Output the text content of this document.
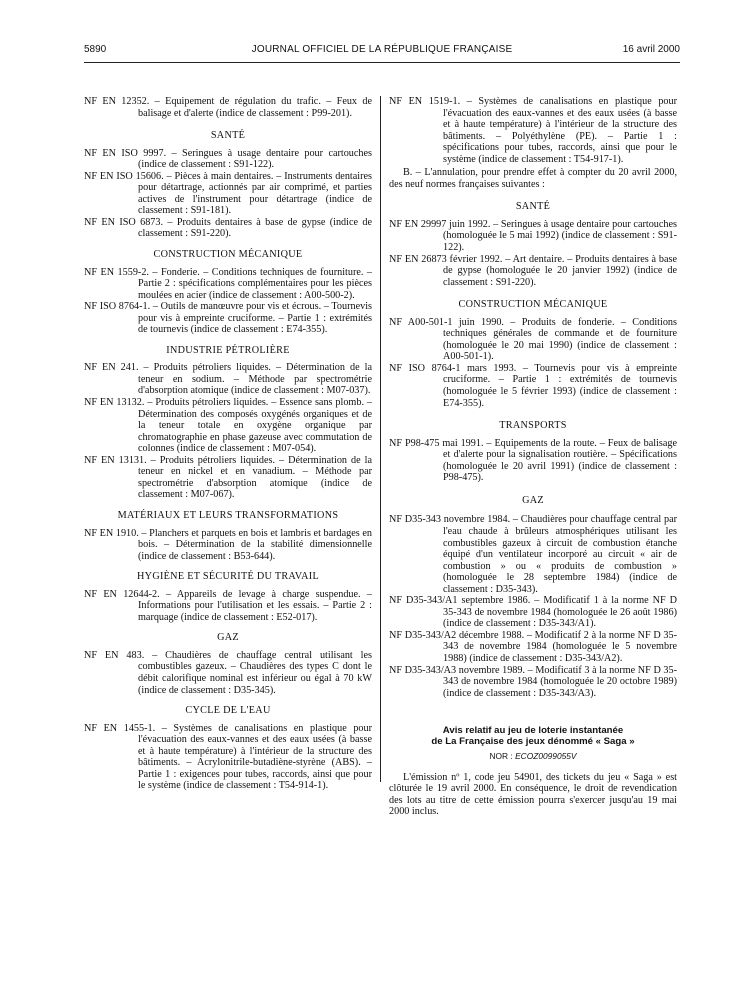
5890	JOURNAL OFFICIEL DE LA RÉPUBLIQUE FRANÇAISE	16 avril 2000

NF EN 12352. – Equipement de régulation du trafic. – Feux de balisage et d'alerte (indice de classement : P99-201).

SANTÉ

NF EN ISO 9997. – Seringues à usage dentaire pour cartouches (indice de classement : S91-122).

NF EN ISO 15606. – Pièces à main dentaires. – Instruments dentaires pour détartrage, actionnés par air comprimé, et parties actives de l'instrument pour détartrage (indice de classement : S91-181).

NF EN ISO 6873. – Produits dentaires à base de gypse (indice de classement : S91-220).

CONSTRUCTION MÉCANIQUE

NF EN 1559-2. – Fonderie. – Conditions techniques de fourniture. – Partie 2 : spécifications complémentaires pour les pièces moulées en acier (indice de classement : A00-500-2).

NF ISO 8764-1. – Outils de manœuvre pour vis et écrous. – Tournevis pour vis à empreinte cruciforme. – Partie 1 : extrémités de tournevis (indice de classement : E74-355).

INDUSTRIE PÉTROLIÈRE

NF EN 241. – Produits pétroliers liquides. – Détermination de la teneur en sodium. – Méthode par spectrométrie d'absorption atomique (indice de classement : M07-037).

NF EN 13132. – Produits pétroliers liquides. – Essence sans plomb. – Détermination des composés oxygénés organiques et de la teneur totale en oxygène organique par chromatographie en phase gazeuse avec commutation de colonnes (indice de classement : M07-054).

NF EN 13131. – Produits pétroliers liquides. – Détermination de la teneur en nickel et en vanadium. – Méthode par spectrométrie d'absorption atomique (indice de classement : M07-067).

MATÉRIAUX ET LEURS TRANSFORMATIONS

NF EN 1910. – Planchers et parquets en bois et lambris et bardages en bois. – Détermination de la stabilité dimensionnelle (indice de classement : B53-644).

HYGIÈNE ET SÉCURITÉ DU TRAVAIL

NF EN 12644-2. – Appareils de levage à charge suspendue. – Informations pour l'utilisation et les essais. – Partie 2 : marquage (indice de classement : E52-017).

GAZ

NF EN 483. – Chaudières de chauffage central utilisant les combustibles gazeux. – Chaudières des types C dont le débit calorifique nominal est inférieur ou égal à 70 kW (indice de classement : D35-345).

CYCLE DE L'EAU

NF EN 1455-1. – Systèmes de canalisations en plastique pour l'évacuation des eaux-vannes et des eaux usées (à basse et à haute température) à l'intérieur de la structure des bâtiments. – Acrylonitrile-butadiène-styrène (ABS). – Partie 1 : exigences pour tubes, raccords, ainsi que pour le système (indice de classement : T54-914-1).

NF EN 1519-1. – Systèmes de canalisations en plastique pour l'évacuation des eaux-vannes et des eaux usées (à basse et à haute température) à l'intérieur de la structure des bâtiments. – Polyéthylène (PE). – Partie 1 : spécifications pour tubes, raccords, ainsi que pour le système (indice de classement : T54-917-1).

B. – L'annulation, pour prendre effet à compter du 20 avril 2000, des neuf normes françaises suivantes :

SANTÉ

NF EN 29997 juin 1992. – Seringues à usage dentaire pour cartouches (homologuée le 5 mai 1992) (indice de classement : S91-122).

NF EN 26873 février 1992. – Art dentaire. – Produits dentaires à base de gypse (homologuée le 20 janvier 1992) (indice de classement : S91-220).

CONSTRUCTION MÉCANIQUE

NF A00-501-1 juin 1990. – Produits de fonderie. – Conditions techniques générales de commande et de fourniture (homologuée le 20 mai 1990) (indice de classement : A00-501-1).

NF ISO 8764-1 mars 1993. – Tournevis pour vis à empreinte cruciforme. – Partie 1 : extrémités de tournevis (homologuée le 5 février 1993) (indice de classement : E74-355).

TRANSPORTS

NF P98-475 mai 1991. – Equipements de la route. – Feux de balisage et d'alerte pour la signalisation routière. – Spécifications (homologuée le 20 avril 1991) (indice de classement : P98-475).

GAZ

NF D35-343 novembre 1984. – Chaudières pour chauffage central par l'eau chaude à brûleurs atmosphériques utilisant les combustibles gazeux à circuit de combustion étanche équipé d'un ventilateur incorporé au circuit « air de combustion » ou « produits de combustion » (homologuée le 28 septembre 1984) (indice de classement : D35-343).

NF D35-343/A1 septembre 1986. – Modificatif 1 à la norme NF D 35-343 de novembre 1984 (homologuée le 26 août 1986) (indice de classement : D35-343/A1).

NF D35-343/A2 décembre 1988. – Modificatif 2 à la norme NF D 35-343 de novembre 1984 (homologuée le 5 novembre 1988) (indice de classement : D35-343/A2).

NF D35-343/A3 novembre 1989. – Modificatif 3 à la norme NF D 35-343 de novembre 1984 (homologuée le 20 octobre 1989) (indice de classement : D35-343/A3).

Avis relatif au jeu de loterie instantanée

de La Française des jeux dénommé « Saga »

NOR : ECOZ0099055V

L'émission nº 1, code jeu 54901, des tickets du jeu « Saga » est clôturée le 19 avril 2000. En conséquence, le droit de revendication des lots au titre de cette émission pourra s'exercer jusqu'au 19 mai 2000 inclus.
